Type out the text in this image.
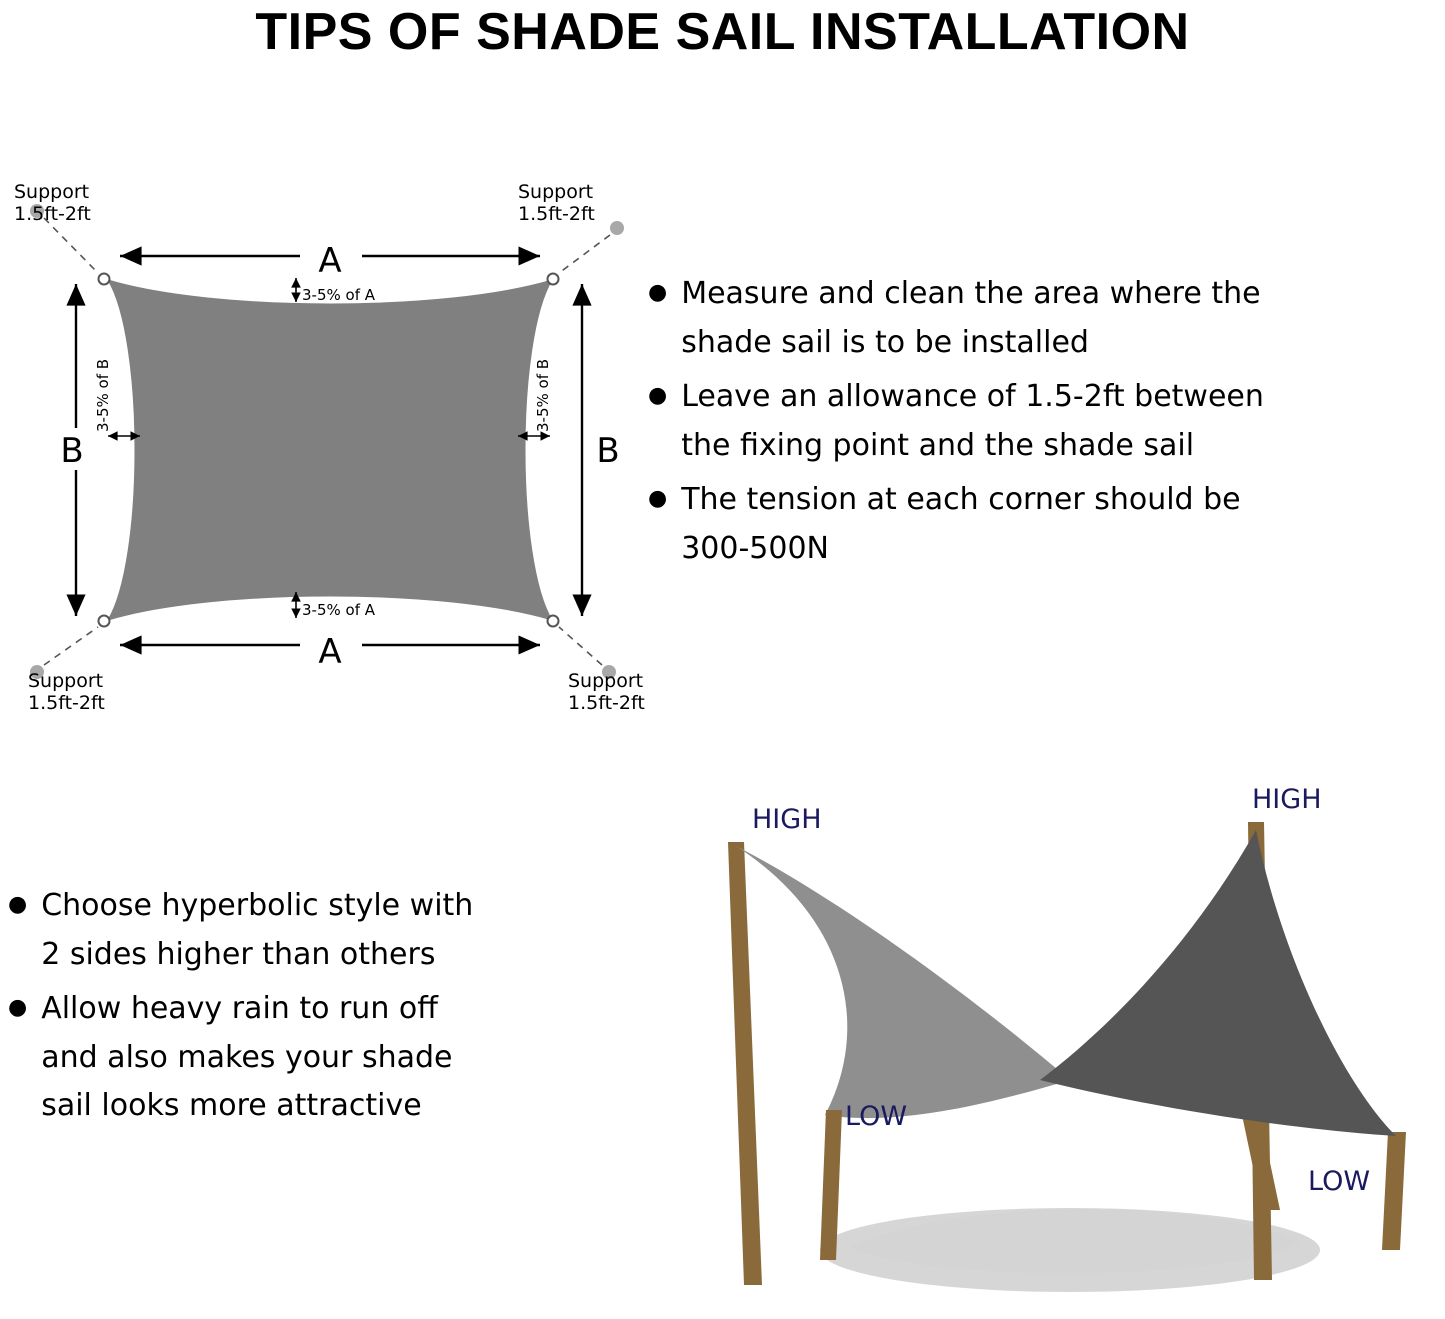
TIPS OF SHADE SAIL INSTALLATION
A
A
B	B
3-5% of A
3-5% of A
3-5% of B	3-5% of B
Support
1.5ft-2ft
Support
1.5ft-2ft
Support
1.5ft-2ft
Support
1.5ft-2ft
● Measure and clean the area where the
shade sail is to be installed
● Leave an allowance of 1.5-2ft between
the fixing point and the shade sail
● The tension at each corner should be
300-500N
● Choose hyperbolic style with
2 sides higher than others
● Allow heavy rain to run off
and also makes your shade
sail looks more attractive
HIGH
HIGH
LOW
LOW
